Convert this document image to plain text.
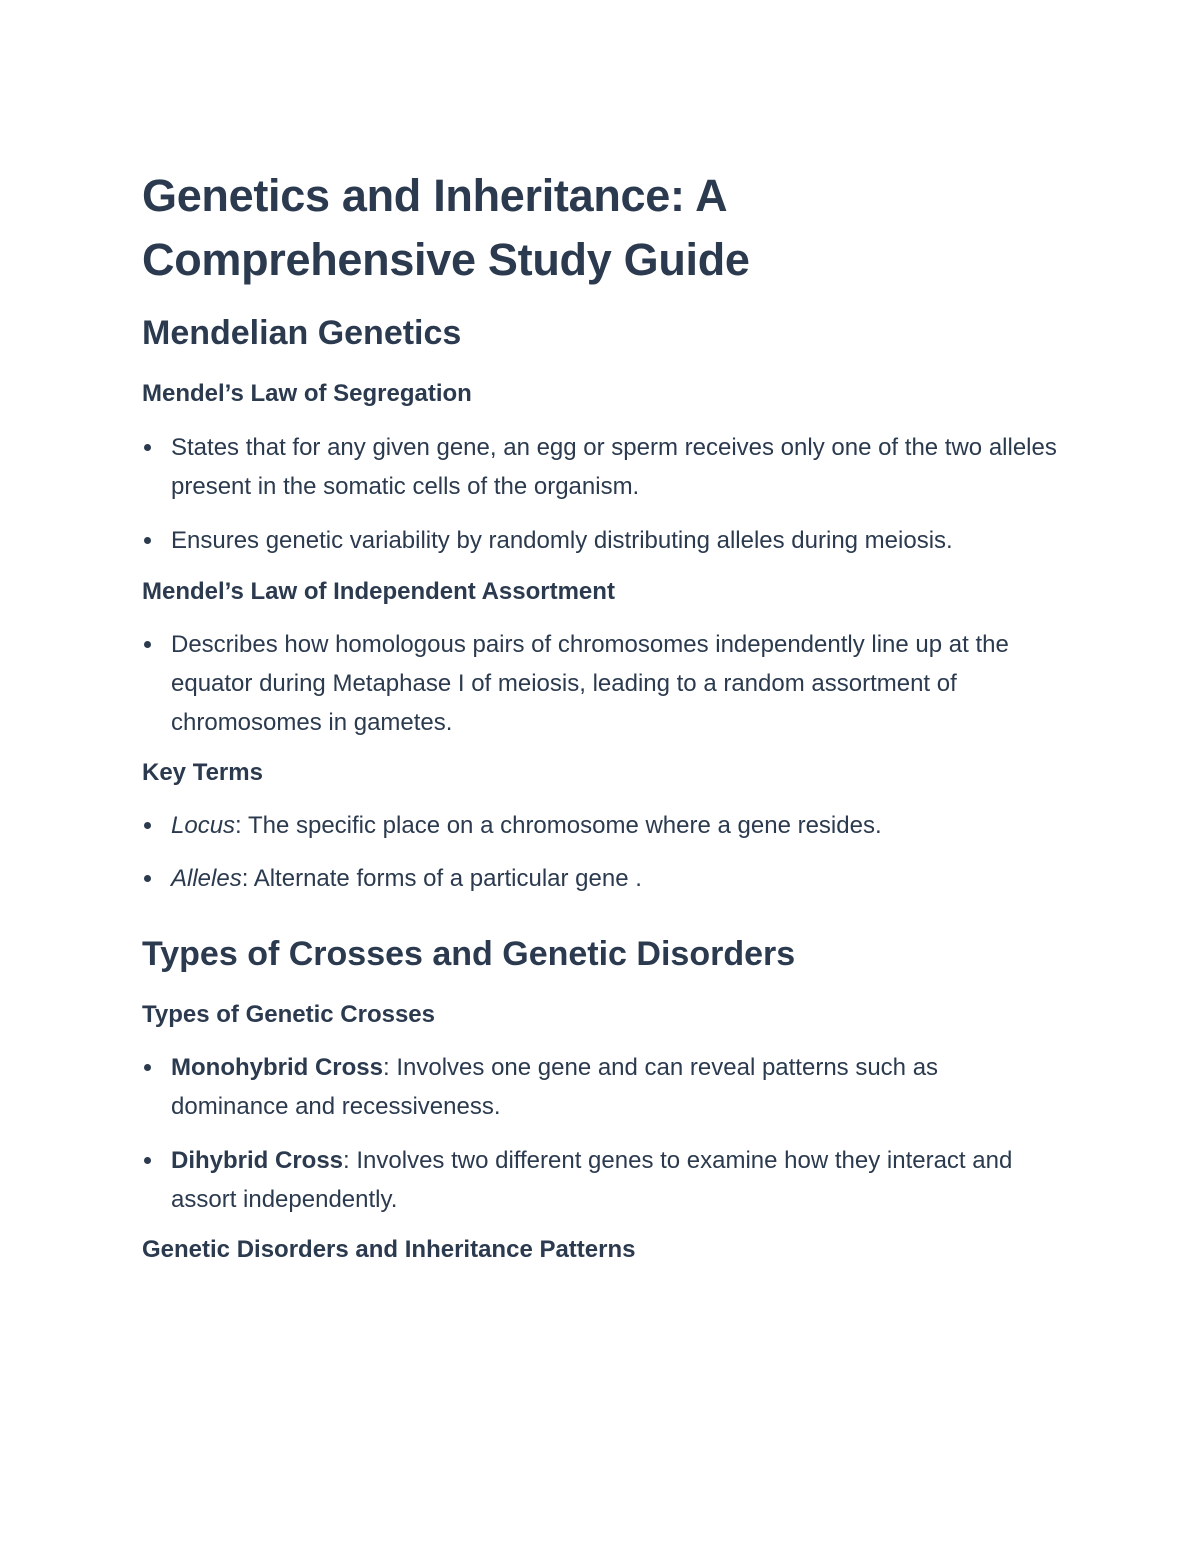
Genetics and Inheritance: A Comprehensive Study Guide
Mendelian Genetics
Mendel’s Law of Segregation
States that for any given gene, an egg or sperm receives only one of the two alleles present in the somatic cells of the organism.
Ensures genetic variability by randomly distributing alleles during meiosis.
Mendel’s Law of Independent Assortment
Describes how homologous pairs of chromosomes independently line up at the equator during Metaphase I of meiosis, leading to a random assortment of chromosomes in gametes.
Key Terms
Locus: The specific place on a chromosome where a gene resides.
Alleles: Alternate forms of a particular gene .
Types of Crosses and Genetic Disorders
Types of Genetic Crosses
Monohybrid Cross: Involves one gene and can reveal patterns such as dominance and recessiveness.
Dihybrid Cross: Involves two different genes to examine how they interact and assort independently.
Genetic Disorders and Inheritance Patterns
